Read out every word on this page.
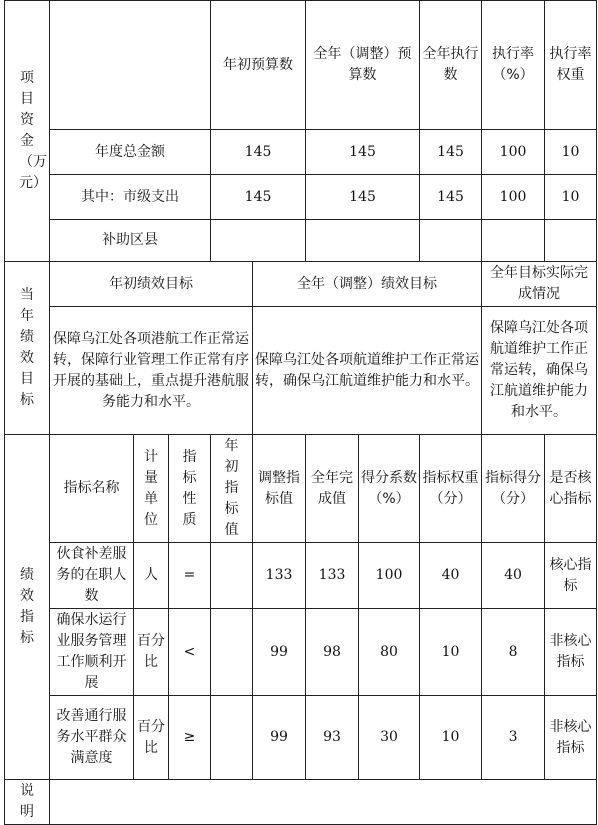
项目资金（万元）				年初预算数		全年（调整）预算数		全年执行数	执行率（%）	执行率权重	
	年度总金额			145		145		145	100	10	
	其中：市级支出			145		145		145	100	10	
	补助区县										

当年绩效目标	年初绩效目标				全年（调整）绩效目标				全年目标实际完成情况		
	保障乌江处各项港航工作正常运转，保障行业管理工作正常有序开展的基础上，重点提升港航服务能力和水平。				保障乌江处各项航道维护工作正常运转，确保乌江航道维护能力和水平。				保障乌江处各项航道维护工作正常运转，确保乌江航道维护能力和水平。		

绩效指标	指标名称	计量单位	指标性质	年初指标值	调整指标值	全年完成值	得分系数（%）	指标权重（分）	指标得分（分）	是否核心指标	
	伙食补差服务的在职人数	人	=		133	133	100	40	40	核心指标	
	确保水运行业服务管理工作顺利开展	百分比	<		99	98	80	10	8	非核心指标	
	改善通行服务水平群众满意度	百分比	≥		99	93	30	10	3	非核心指标	

说明											
